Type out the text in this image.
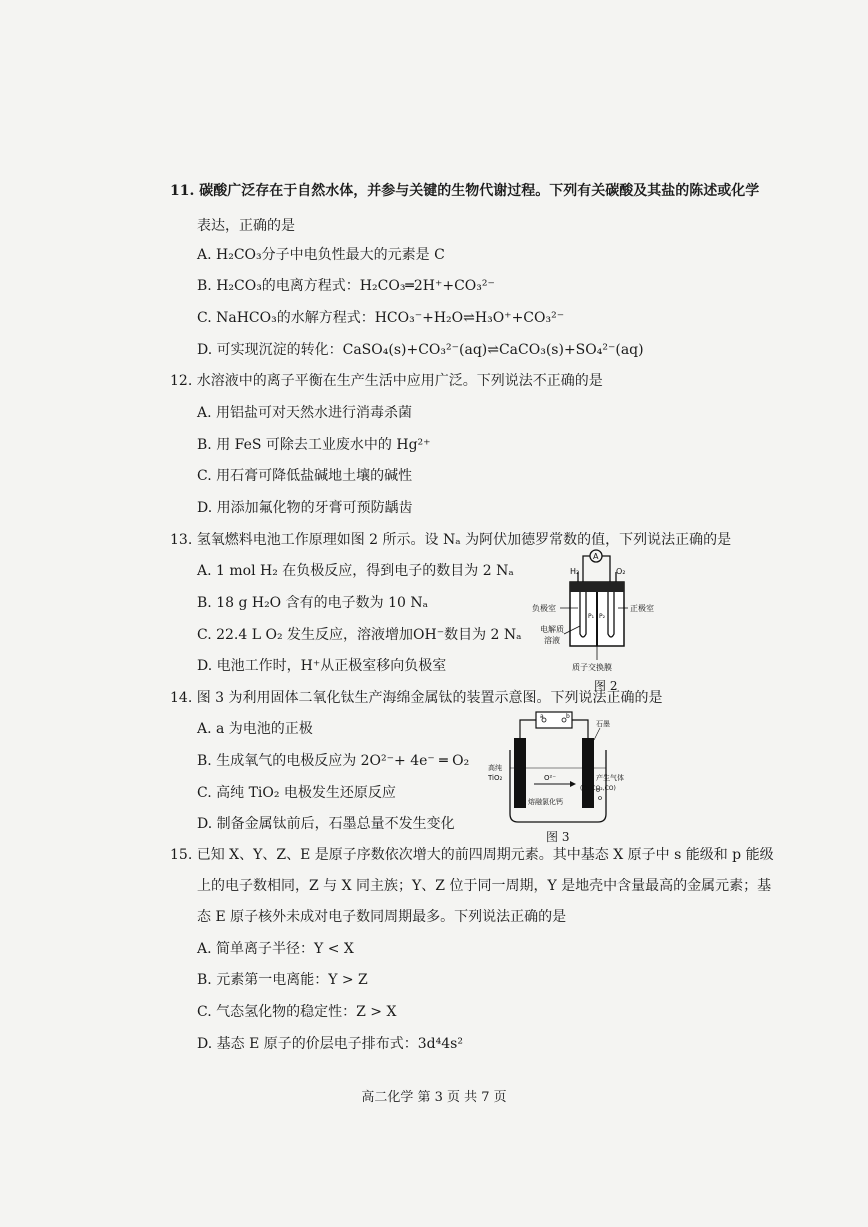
11. 碳酸广泛存在于自然水体，并参与关键的生物代谢过程。下列有关碳酸及其盐的陈述或化学
表达，正确的是
A. H₂CO₃分子中电负性最大的元素是 C
B. H₂CO₃的电离方程式：H₂CO₃═2H⁺+CO₃²⁻
C. NaHCO₃的水解方程式：HCO₃⁻+H₂O⇌H₃O⁺+CO₃²⁻
D. 可实现沉淀的转化：CaSO₄(s)+CO₃²⁻(aq)⇌CaCO₃(s)+SO₄²⁻(aq)
12. 水溶液中的离子平衡在生产生活中应用广泛。下列说法不正确的是
A. 用铝盐可对天然水进行消毒杀菌
B. 用 FeS 可除去工业废水中的 Hg²⁺
C. 用石膏可降低盐碱地土壤的碱性
D. 用添加氟化物的牙膏可预防龋齿
13. 氢氧燃料电池工作原理如图 2 所示。设 Nₐ 为阿伏加德罗常数的值，下列说法正确的是
A. 1 mol H₂ 在负极反应，得到电子的数目为 2 Nₐ
B. 18 g H₂O 含有的电子数为 10 Nₐ
C. 22.4 L O₂ 发生反应，溶液增加OH⁻数目为 2 Nₐ
D. 电池工作时，H⁺从正极室移向负极室
A
H₂	O₂
P₁ P₂
负极室	正极室
电解质
溶液
质子交换膜
图 2
14. 图 3 为利用固体二氧化钛生产海绵金属钛的装置示意图。下列说法正确的是
A. a 为电池的正极
B. 生成氧气的电极反应为 2O²⁻+ 4e⁻ ═ O₂
C. 高纯 TiO₂ 电极发生还原反应
D. 制备金属钛前后，石墨总量不发生变化
a	b
O²⁻
熔融氯化钙
石墨
高纯
TiO₂	产生气体
(O₂,CO₂,CO)
图 3
15. 已知 X、Y、Z、E 是原子序数依次增大的前四周期元素。其中基态 X 原子中 s 能级和 p 能级
上的电子数相同，Z 与 X 同主族；Y、Z 位于同一周期，Y 是地壳中含量最高的金属元素；基
态 E 原子核外未成对电子数同周期最多。下列说法正确的是
A. 简单离子半径：Y < X
B. 元素第一电离能：Y > Z
C. 气态氢化物的稳定性：Z > X
D. 基态 E 原子的价层电子排布式：3d⁴4s²
高二化学 第 3 页 共 7 页
